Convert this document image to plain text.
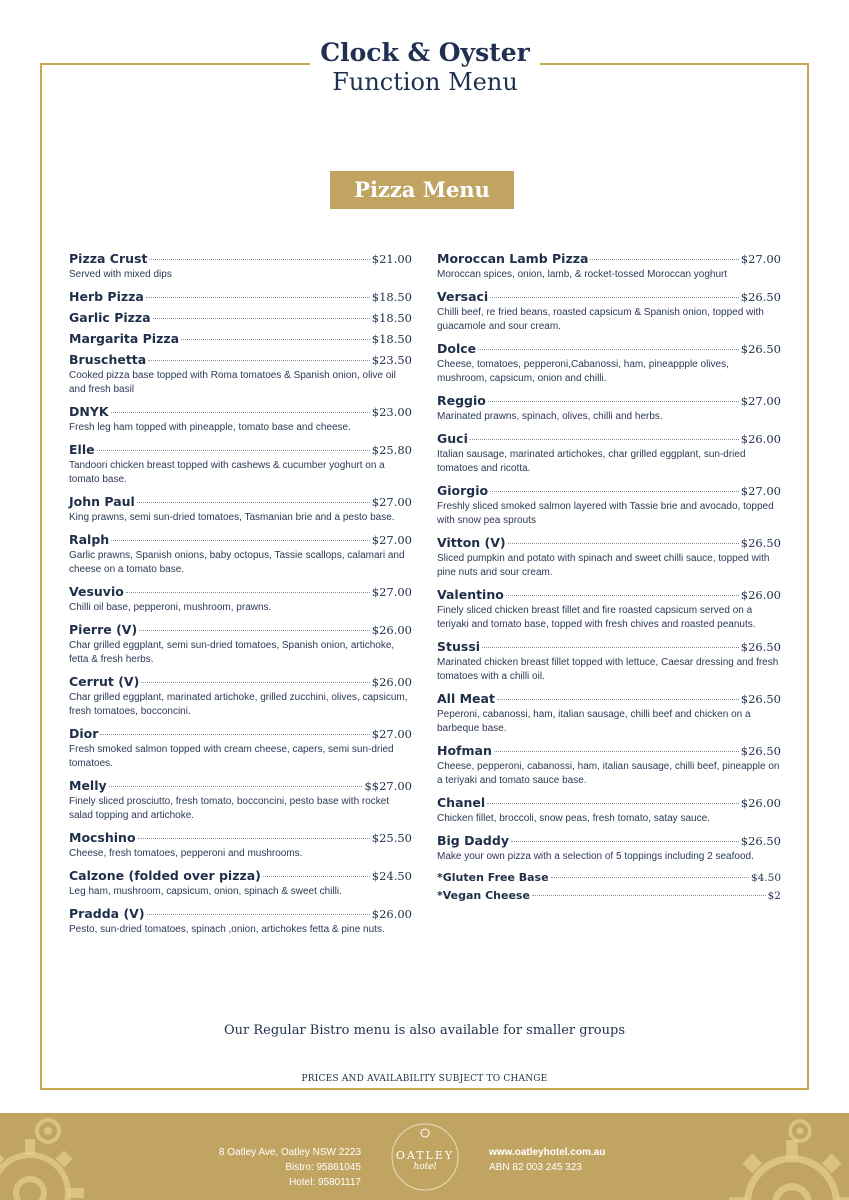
Clock & Oyster
Function Menu
Pizza Menu
Pizza Crust	$21.00
Served with mixed dips
Herb Pizza	$18.50
Garlic Pizza	$18.50
Margarita Pizza	$18.50
Bruschetta	$23.50
Cooked pizza base topped with Roma tomatoes & Spanish onion, olive oil and fresh basil
DNYK	$23.00
Fresh leg ham topped with pineapple, tomato base and cheese.
Elle	$25.80
Tandoori chicken breast topped with cashews & cucumber yoghurt on a tomato base.
John Paul	$27.00
King prawns, semi sun-dried tomatoes, Tasmanian brie and a pesto base.
Ralph	$27.00
Garlic prawns, Spanish onions, baby octopus, Tassie scallops, calamari and cheese on a tomato base.
Vesuvio	$27.00
Chilli oil base, pepperoni, mushroom, prawns.
Pierre (V)	$26.00
Char grilled eggplant, semi sun-dried tomatoes, Spanish onion, artichoke, fetta & fresh herbs.
Cerrut (V)	$26.00
Char grilled eggplant, marinated artichoke, grilled zucchini, olives, capsicum, fresh tomatoes, bocconcini.
Dior	$27.00
Fresh smoked salmon topped with cream cheese, capers, semi sun-dried tomatoes.
Melly	$$27.00
Finely sliced prosciutto, fresh tomato, bocconcini, pesto base with rocket salad topping and artichoke.
Mocshino	$25.50
Cheese, fresh tomatoes, pepperoni and mushrooms.
Calzone (folded over pizza)	$24.50
Leg ham, mushroom, capsicum, onion, spinach & sweet chilli.
Pradda (V)	$26.00
Pesto, sun-dried tomatoes, spinach ,onion, artichokes fetta & pine nuts.
Moroccan Lamb Pizza	$27.00
Moroccan spices, onion, lamb, & rocket-tossed Moroccan yoghurt
Versaci	$26.50
Chilli beef, re fried beans, roasted capsicum & Spanish onion, topped with guacamole and sour cream.
Dolce	$26.50
Cheese, tomatoes, pepperoni,Cabanossi, ham, pineappple olives, mushroom, capsicum, onion and chilli.
Reggio	$27.00
Marinated prawns, spinach, olives, chilli and herbs.
Guci	$26.00
Italian sausage, marinated artichokes, char grilled eggplant, sun-dried tomatoes and ricotta.
Giorgio	$27.00
Freshly sliced smoked salmon layered with Tassie brie and avocado, topped with snow pea sprouts
Vitton (V)	$26.50
Sliced pumpkin and potato with spinach and sweet chilli sauce, topped with pine nuts and sour cream.
Valentino	$26.00
Finely sliced chicken breast fillet and fire roasted capsicum served on a teriyaki and tomato base, topped with fresh chives and roasted peanuts.
Stussi	$26.50
Marinated chicken breast fillet topped with lettuce, Caesar dressing and fresh tomatoes with a chilli oil.
All Meat	$26.50
Peperoni, cabanossi, ham, italian sausage, chilli beef and chicken on a barbeque base.
Hofman	$26.50
Cheese, pepperoni, cabanossi, ham, italian sausage, chilli beef, pineapple on a teriyaki and tomato sauce base.
Chanel	$26.00
Chicken fillet, broccoli, snow peas, fresh tomato, satay sauce.
Big Daddy	$26.50
Make your own pizza with a selection of 5 toppings including 2 seafood.
*Gluten Free Base	$4.50
*Vegan Cheese	$2
Our Regular Bistro menu is also available for smaller groups
PRICES AND AVAILABILITY SUBJECT TO CHANGE
8 Oatley Ave, Oatley NSW 2223
Bistro: 95861045
Hotel: 95801117
OATLEY
hotel
www.oatleyhotel.com.au
ABN 82 003 245 323
